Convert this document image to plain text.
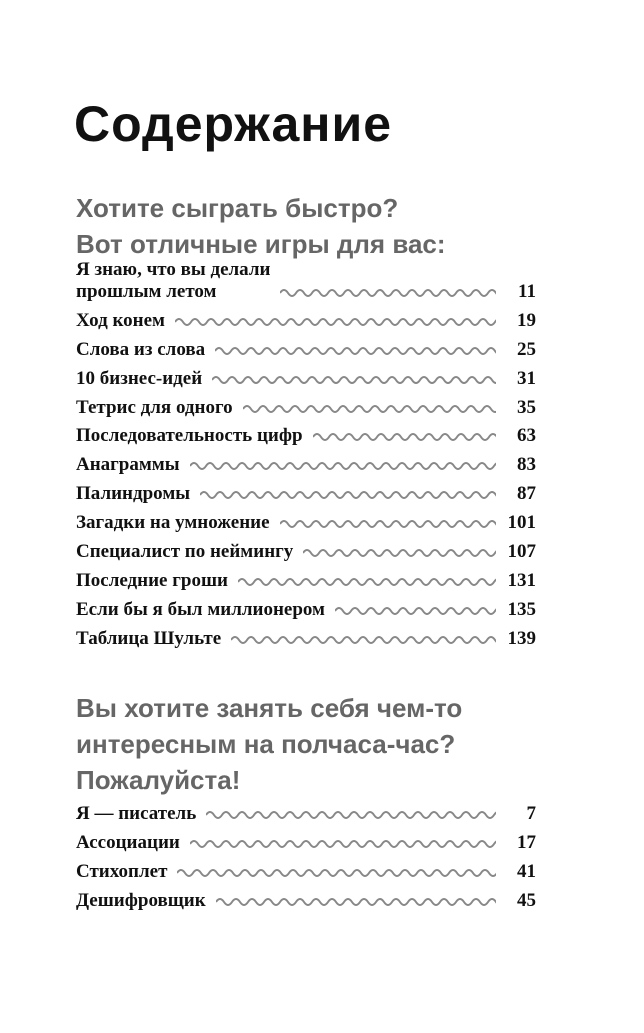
Содержание
Хотите сыграть быстро?
Вот отличные игры для вас:
Я знаю, что вы делали
прошлым летом	11
Ход конем	19
Слова из слова	25
10 бизнес-идей	31
Тетрис для одного	35
Последовательность цифр	63
Анаграммы	83
Палиндромы	87
Загадки на умножение	101
Специалист по неймингу	107
Последние гроши	131
Если бы я был миллионером	135
Таблица Шульте	139
Вы хотите занять себя чем-то
интересным на полчаса-час?
Пожалуйста!
Я — писатель	7
Ассоциации	17
Стихоплет	41
Дешифровщик	45
